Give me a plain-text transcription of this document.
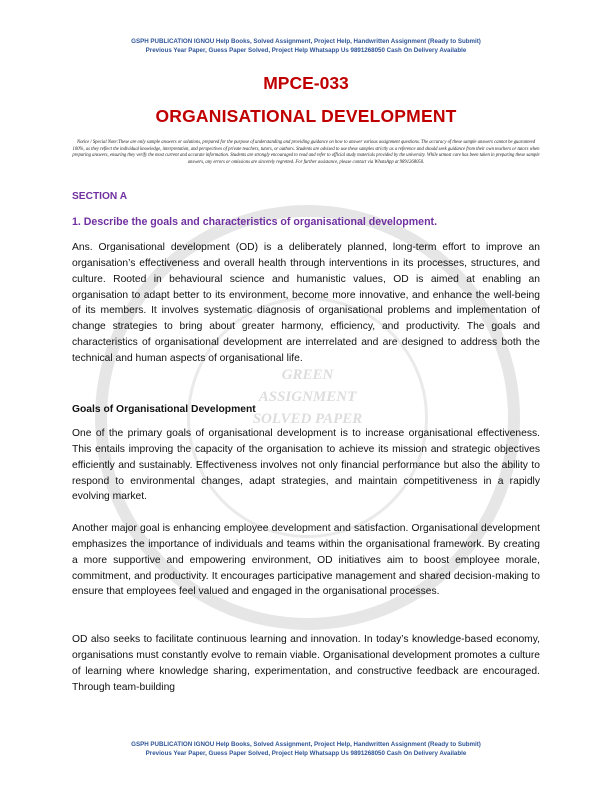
GREEN
ASSIGNMENT
SOLVED PAPER
GSPH PUBLICATION IGNOU Help Books, Solved Assignment, Project Help, Handwritten Assignment (Ready to Submit)
Previous Year Paper, Guess Paper Solved, Project Help Whatsapp Us 9891268050 Cash On Delivery Available
MPCE-033
ORGANISATIONAL DEVELOPMENT
Notice / Special Note:These are only sample answers or solutions, prepared for the purpose of understanding and providing guidance on how to answer various assignment questions. The accuracy of these sample answers cannot be guaranteed 100%, as they reflect the individual knowledge, interpretation, and perspectives of private teachers, tutors, or authors. Students are advised to use these samples strictly as a reference and should seek guidance from their own teachers or tutors when preparing answers, ensuring they verify the most current and accurate information. Students are strongly encouraged to read and refer to official study materials provided by the university. While utmost care has been taken in preparing these sample answers, any errors or omissions are sincerely regretted. For further assistance, please contact via WhatsApp at 9891268050.
SECTION A
1. Describe the goals and characteristics of organisational development.
Ans. Organisational development (OD) is a deliberately planned, long-term effort to improve an organisation’s effectiveness and overall health through interventions in its processes, structures, and culture. Rooted in behavioural science and humanistic values, OD is aimed at enabling an organisation to adapt better to its environment, become more innovative, and enhance the well-being of its members. It involves systematic diagnosis of organisational problems and implementation of change strategies to bring about greater harmony, efficiency, and productivity. The goals and characteristics of organisational development are interrelated and are designed to address both the technical and human aspects of organisational life.
Goals of Organisational Development
One of the primary goals of organisational development is to increase organisational effectiveness. This entails improving the capacity of the organisation to achieve its mission and strategic objectives efficiently and sustainably. Effectiveness involves not only financial performance but also the ability to respond to environmental changes, adapt strategies, and maintain competitiveness in a rapidly evolving market.
Another major goal is enhancing employee development and satisfaction. Organisational development emphasizes the importance of individuals and teams within the organisational framework. By creating a more supportive and empowering environment, OD initiatives aim to boost employee morale, commitment, and productivity. It encourages participative management and shared decision-making to ensure that employees feel valued and engaged in the organisational processes.
OD also seeks to facilitate continuous learning and innovation. In today’s knowledge-based economy, organisations must constantly evolve to remain viable. Organisational development promotes a culture of learning where knowledge sharing, experimentation, and constructive feedback are encouraged. Through team-building
GSPH PUBLICATION IGNOU Help Books, Solved Assignment, Project Help, Handwritten Assignment (Ready to Submit)
Previous Year Paper, Guess Paper Solved, Project Help Whatsapp Us 9891268050 Cash On Delivery Available
